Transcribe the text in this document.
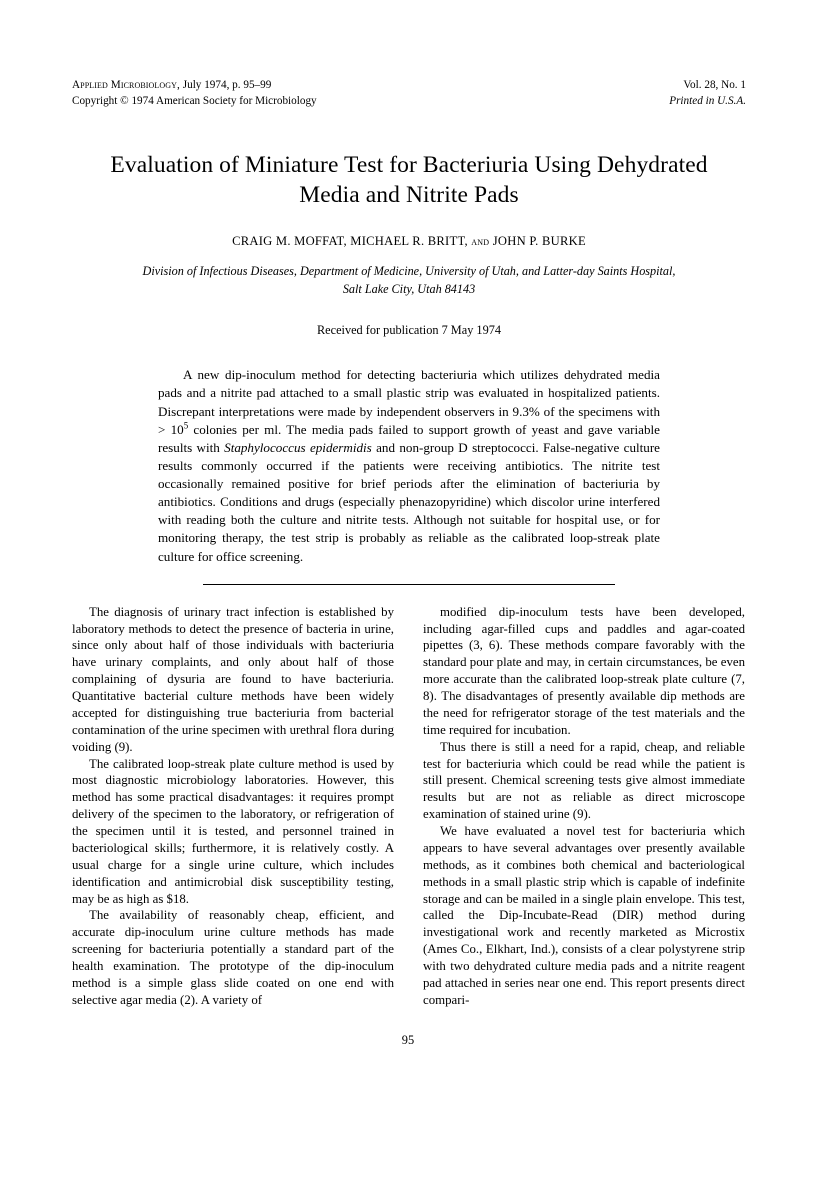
Applied Microbiology, July 1974, p. 95–99
Copyright © 1974 American Society for Microbiology
Vol. 28, No. 1
Printed in U.S.A.
Evaluation of Miniature Test for Bacteriuria Using Dehydrated
Media and Nitrite Pads
CRAIG M. MOFFAT, MICHAEL R. BRITT, and JOHN P. BURKE
Division of Infectious Diseases, Department of Medicine, University of Utah, and Latter-day Saints Hospital,
Salt Lake City, Utah 84143
Received for publication 7 May 1974

A new dip-inoculum method for detecting bacteriuria which utilizes dehydrated media pads and a nitrite pad attached to a small plastic strip was evaluated in hospitalized patients. Discrepant interpretations were made by independent observers in 9.3% of the specimens with > $10^5$ colonies per ml. The media pads failed to support growth of yeast and gave variable results with Staphylococcus epidermidis and non-group D streptococci. False-negative culture results commonly occurred if the patients were receiving antibiotics. The nitrite test occasionally remained positive for brief periods after the elimination of bacteriuria by antibiotics. Conditions and drugs (especially phenazopyridine) which discolor urine interfered with reading both the culture and nitrite tests. Although not suitable for hospital use, or for monitoring therapy, the test strip is probably as reliable as the calibrated loop-streak plate culture for office screening.

The diagnosis of urinary tract infection is established by laboratory methods to detect the presence of bacteria in urine, since only about half of those individuals with bacteriuria have urinary complaints, and only about half of those complaining of dysuria are found to have bacteriuria. Quantitative bacterial culture methods have been widely accepted for distinguishing true bacteriuria from bacterial contamination of the urine specimen with urethral flora during voiding (9).

The calibrated loop-streak plate culture method is used by most diagnostic microbiology laboratories. However, this method has some practical disadvantages: it requires prompt delivery of the specimen to the laboratory, or refrigeration of the specimen until it is tested, and personnel trained in bacteriological skills; furthermore, it is relatively costly. A usual charge for a single urine culture, which includes identification and antimicrobial disk susceptibility testing, may be as high as $18.

The availability of reasonably cheap, efficient, and accurate dip-inoculum urine culture methods has made screening for bacteriuria potentially a standard part of the health examination. The prototype of the dip-inoculum method is a simple glass slide coated on one end with selective agar media (2). A variety of

modified dip-inoculum tests have been developed, including agar-filled cups and paddles and agar-coated pipettes (3, 6). These methods compare favorably with the standard pour plate and may, in certain circumstances, be even more accurate than the calibrated loop-streak plate culture (7, 8). The disadvantages of presently available dip methods are the need for refrigerator storage of the test materials and the time required for incubation.

Thus there is still a need for a rapid, cheap, and reliable test for bacteriuria which could be read while the patient is still present. Chemical screening tests give almost immediate results but are not as reliable as direct microscope examination of stained urine (9).

We have evaluated a novel test for bacteriuria which appears to have several advantages over presently available methods, as it combines both chemical and bacteriological methods in a small plastic strip which is capable of indefinite storage and can be mailed in a single plain envelope. This test, called the Dip-Incubate-Read (DIR) method during investigational work and recently marketed as Microstix (Ames Co., Elkhart, Ind.), consists of a clear polystyrene strip with two dehydrated culture media pads and a nitrite reagent pad attached in series near one end. This report presents direct compari-

95
